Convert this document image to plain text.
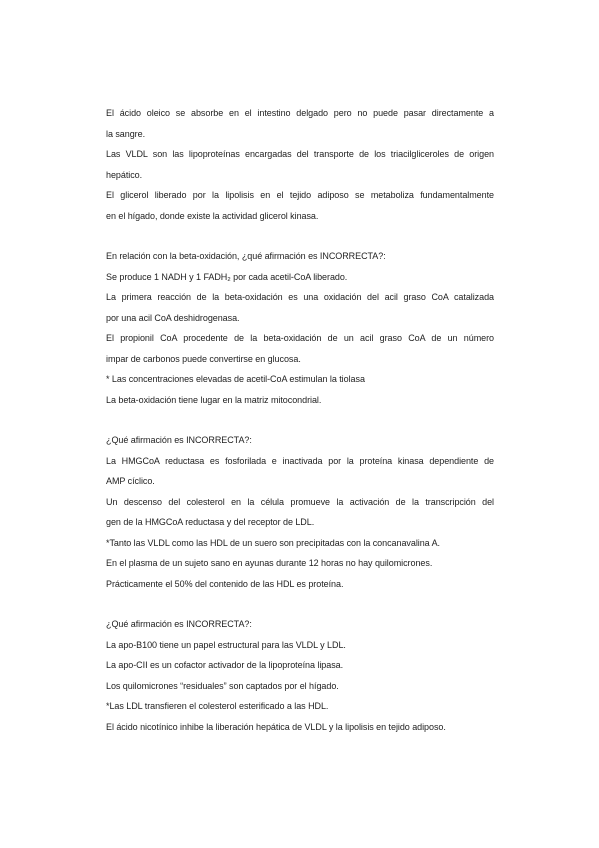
El ácido oleico se absorbe en el intestino delgado pero no puede pasar directamente a
la sangre.
Las VLDL son las lipoproteínas encargadas del transporte de los triacilgliceroles de origen
hepático.
El glicerol liberado por la lipolisis en el tejido adiposo se metaboliza fundamentalmente
en el hígado, donde existe la actividad glicerol kinasa.
En relación con la beta-oxidación, ¿qué afirmación es INCORRECTA?:
Se produce 1 NADH y 1 FADH₂ por cada acetil-CoA liberado.
La primera reacción de la beta-oxidación es una oxidación del acil graso CoA catalizada
por una acil CoA deshidrogenasa.
El propionil CoA procedente de la beta-oxidación de un acil graso CoA de un número
impar de carbonos puede convertirse en glucosa.
* Las concentraciones elevadas de acetil-CoA estimulan la tiolasa
La beta-oxidación tiene lugar en la matriz mitocondrial.
¿Qué afirmación es INCORRECTA?:
La HMGCoA reductasa es fosforilada e inactivada por la proteína kinasa dependiente de
AMP cíclico.
Un descenso del colesterol en la célula promueve la activación de la transcripción del
gen de la HMGCoA reductasa y del receptor de LDL.
*Tanto las VLDL como las HDL de un suero son precipitadas con la concanavalina A.
En el plasma de un sujeto sano en ayunas durante 12 horas no hay quilomicrones.
Prácticamente el 50% del contenido de las HDL es proteína.
¿Qué afirmación es INCORRECTA?:
La apo-B100 tiene un papel estructural para las VLDL y LDL.
La apo-CII es un cofactor activador de la lipoproteína lipasa.
Los quilomicrones “residuales” son captados por el hígado.
*Las LDL transfieren el colesterol esterificado a las HDL.
El ácido nicotínico inhibe la liberación hepática de VLDL y la lipolisis en tejido adiposo.
